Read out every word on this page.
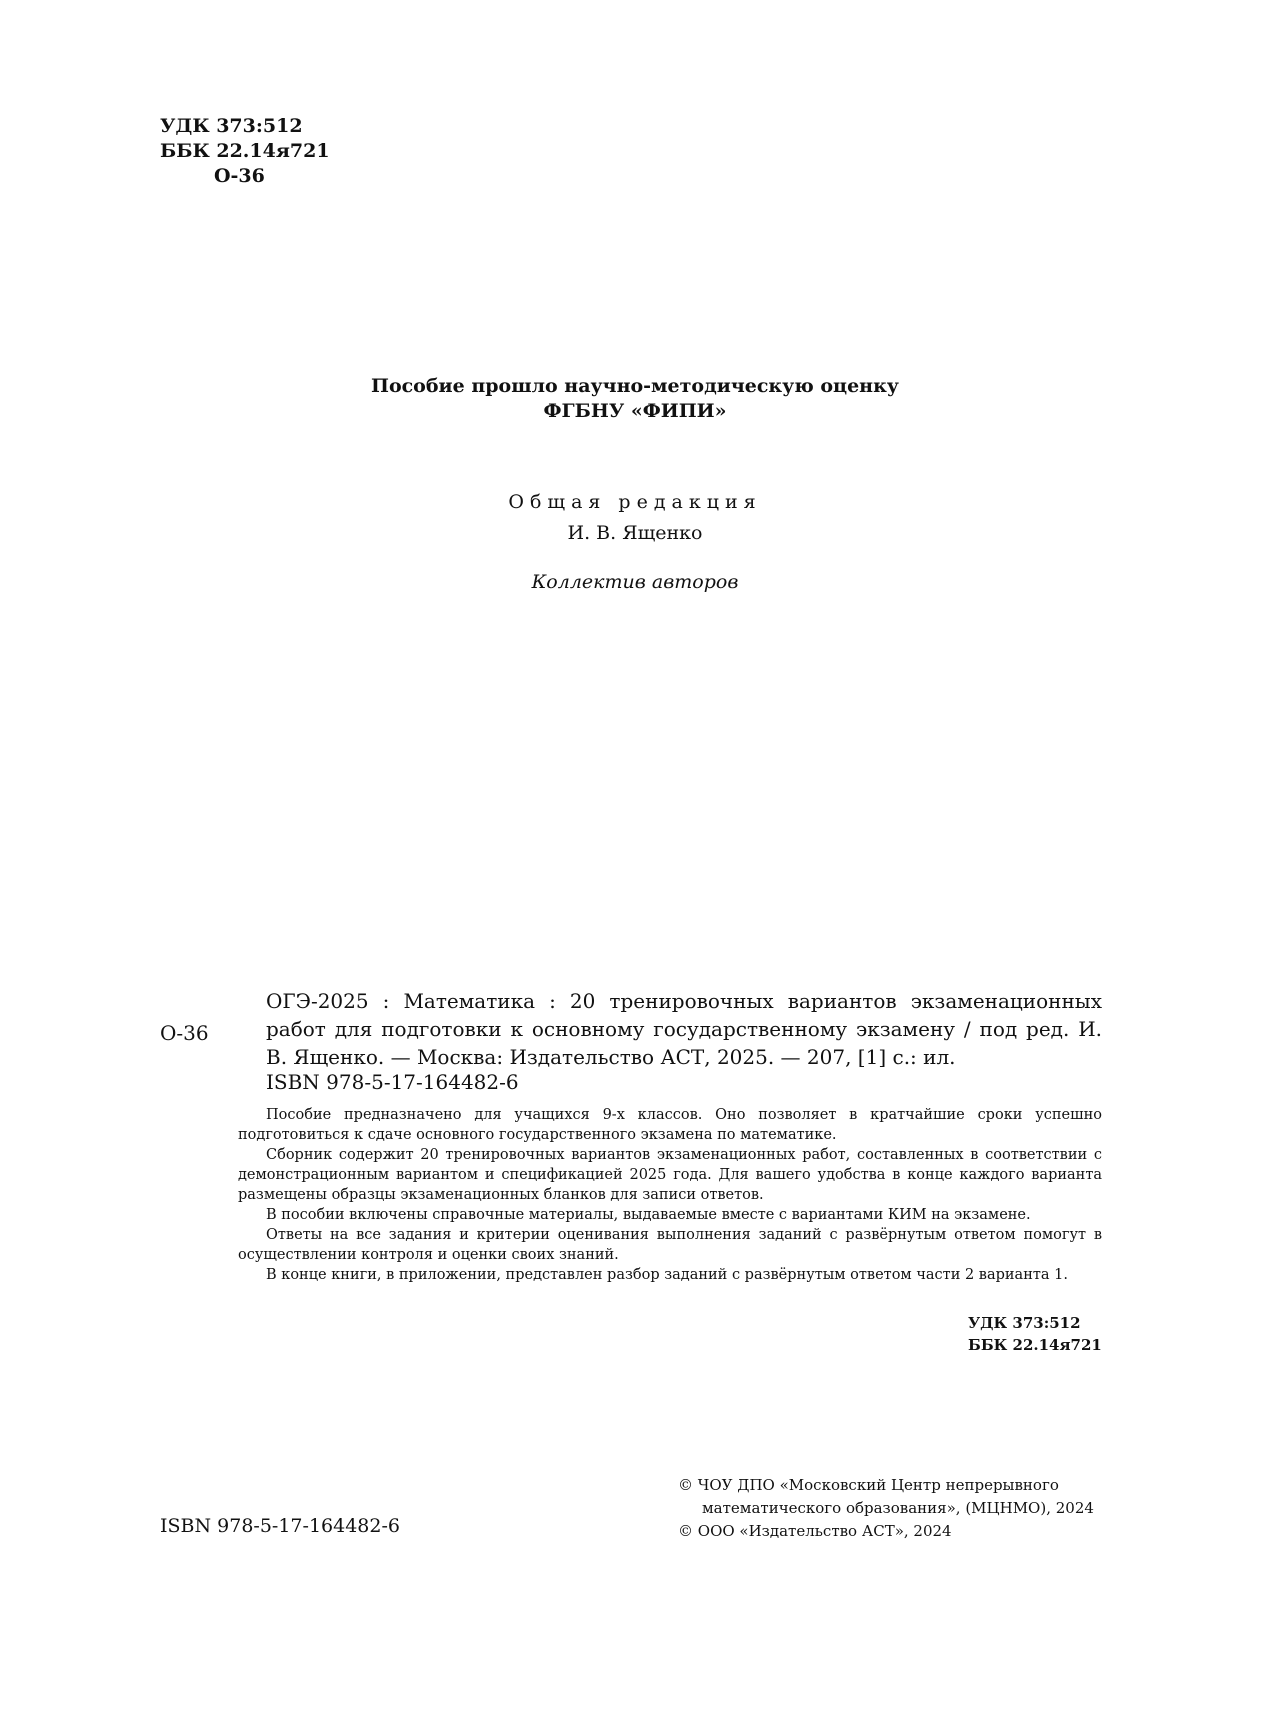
УДК 373:512
ББК 22.14я721
О-36
Пособие прошло научно-методическую оценку
ФГБНУ «ФИПИ»
Общая редакция
И. В. Ященко
Коллектив авторов
О-36
ОГЭ-2025 : Математика : 20 тренировочных вариантов экзаменационных работ для подготовки к основному государственному экзамену / под ред. И. В. Ященко. — Москва: Издательство АСТ, 2025. — 207, [1] с.: ил.
ISBN 978-5-17-164482-6

Пособие предназначено для учащихся 9-х классов. Оно позволяет в кратчайшие сроки успешно подготовиться к сдаче основного государственного экзамена по математике.

Сборник содержит 20 тренировочных вариантов экзаменационных работ, составленных в соответствии с демонстрационным вариантом и спецификацией 2025 года. Для вашего удобства в конце каждого варианта размещены образцы экзаменационных бланков для записи ответов.

В пособии включены справочные материалы, выдаваемые вместе с вариантами КИМ на экзамене.

Ответы на все задания и критерии оценивания выполнения заданий с развёрнутым ответом помогут в осуществлении контроля и оценки своих знаний.

В конце книги, в приложении, представлен разбор заданий с развёрнутым ответом части 2 варианта 1.

УДК 373:512
ББК 22.14я721
ISBN 978-5-17-164482-6
© ЧОУ ДПО «Московский Центр непрерывного
математического образования», (МЦНМО), 2024
© ООО «Издательство АСТ», 2024
